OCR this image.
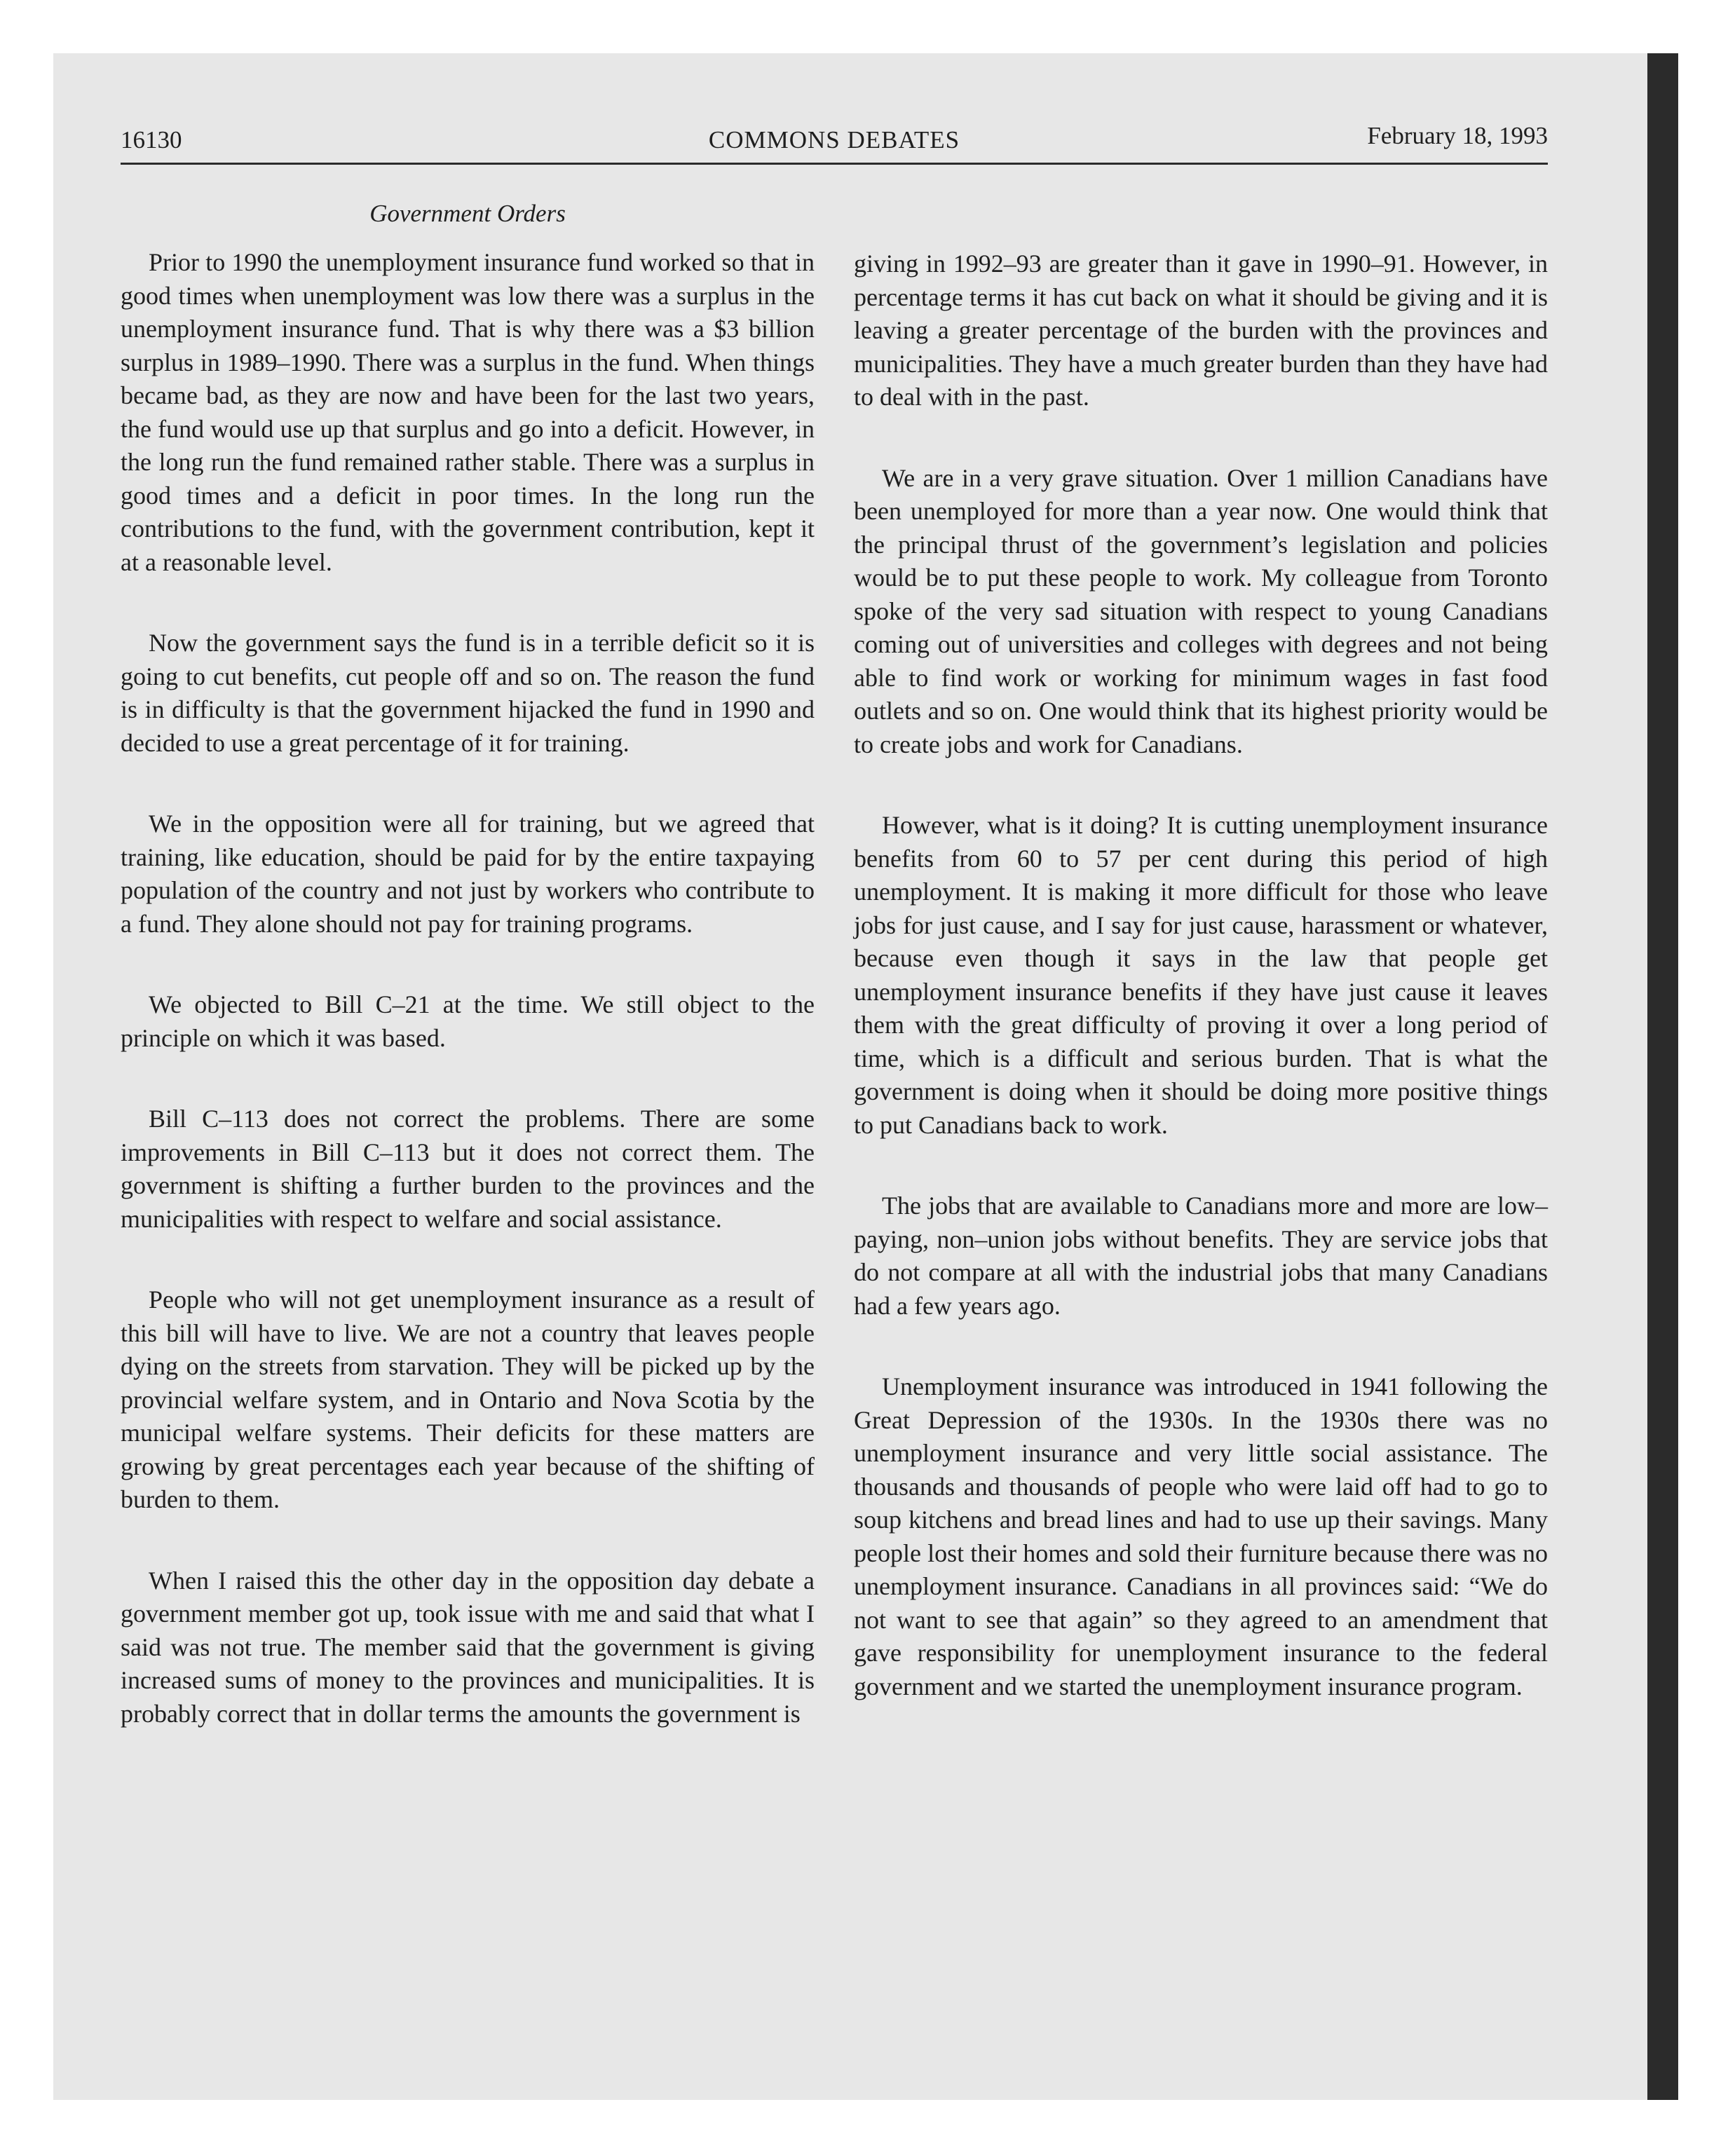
16130	COMMONS DEBATES	February 18, 1993
Government Orders

Prior to 1990 the unemployment insurance fund worked so that in good times when unemployment was low there was a surplus in the unemployment insurance fund. That is why there was a $3 billion surplus in 1989–1990. There was a surplus in the fund. When things became bad, as they are now and have been for the last two years, the fund would use up that surplus and go into a deficit. However, in the long run the fund remained rather stable. There was a surplus in good times and a deficit in poor times. In the long run the contributions to the fund, with the government contribution, kept it at a reasonable level.

Now the government says the fund is in a terrible deficit so it is going to cut benefits, cut people off and so on. The reason the fund is in difficulty is that the government hijacked the fund in 1990 and decided to use a great percentage of it for training.

We in the opposition were all for training, but we agreed that training, like education, should be paid for by the entire taxpaying population of the country and not just by workers who contribute to a fund. They alone should not pay for training programs.

We objected to Bill C–21 at the time. We still object to the principle on which it was based.

Bill C–113 does not correct the problems. There are some improvements in Bill C–113 but it does not correct them. The government is shifting a further burden to the provinces and the municipalities with respect to welfare and social assistance.

People who will not get unemployment insurance as a result of this bill will have to live. We are not a country that leaves people dying on the streets from starvation. They will be picked up by the provincial welfare system, and in Ontario and Nova Scotia by the municipal welfare systems. Their deficits for these matters are growing by great percentages each year because of the shifting of burden to them.

When I raised this the other day in the opposition day debate a government member got up, took issue with me and said that what I said was not true. The member said that the government is giving increased sums of money to the provinces and municipalities. It is probably correct that in dollar terms the amounts the government is

giving in 1992–93 are greater than it gave in 1990–91. However, in percentage terms it has cut back on what it should be giving and it is leaving a greater percentage of the burden with the provinces and municipalities. They have a much greater burden than they have had to deal with in the past.

We are in a very grave situation. Over 1 million Canadians have been unemployed for more than a year now. One would think that the principal thrust of the government’s legislation and policies would be to put these people to work. My colleague from Toronto spoke of the very sad situation with respect to young Canadians coming out of universities and colleges with degrees and not being able to find work or working for minimum wages in fast food outlets and so on. One would think that its highest priority would be to create jobs and work for Canadians.

However, what is it doing? It is cutting unemployment insurance benefits from 60 to 57 per cent during this period of high unemployment. It is making it more difficult for those who leave jobs for just cause, and I say for just cause, harassment or whatever, because even though it says in the law that people get unemployment insurance benefits if they have just cause it leaves them with the great difficulty of proving it over a long period of time, which is a difficult and serious burden. That is what the government is doing when it should be doing more positive things to put Canadians back to work.

The jobs that are available to Canadians more and more are low–paying, non–union jobs without benefits. They are service jobs that do not compare at all with the industrial jobs that many Canadians had a few years ago.

Unemployment insurance was introduced in 1941 following the Great Depression of the 1930s. In the 1930s there was no unemployment insurance and very little social assistance. The thousands and thousands of people who were laid off had to go to soup kitchens and bread lines and had to use up their savings. Many people lost their homes and sold their furniture because there was no unemployment insurance. Canadians in all provinces said: “We do not want to see that again” so they agreed to an amendment that gave responsibility for unemployment insurance to the federal government and we started the unemployment insurance program.
